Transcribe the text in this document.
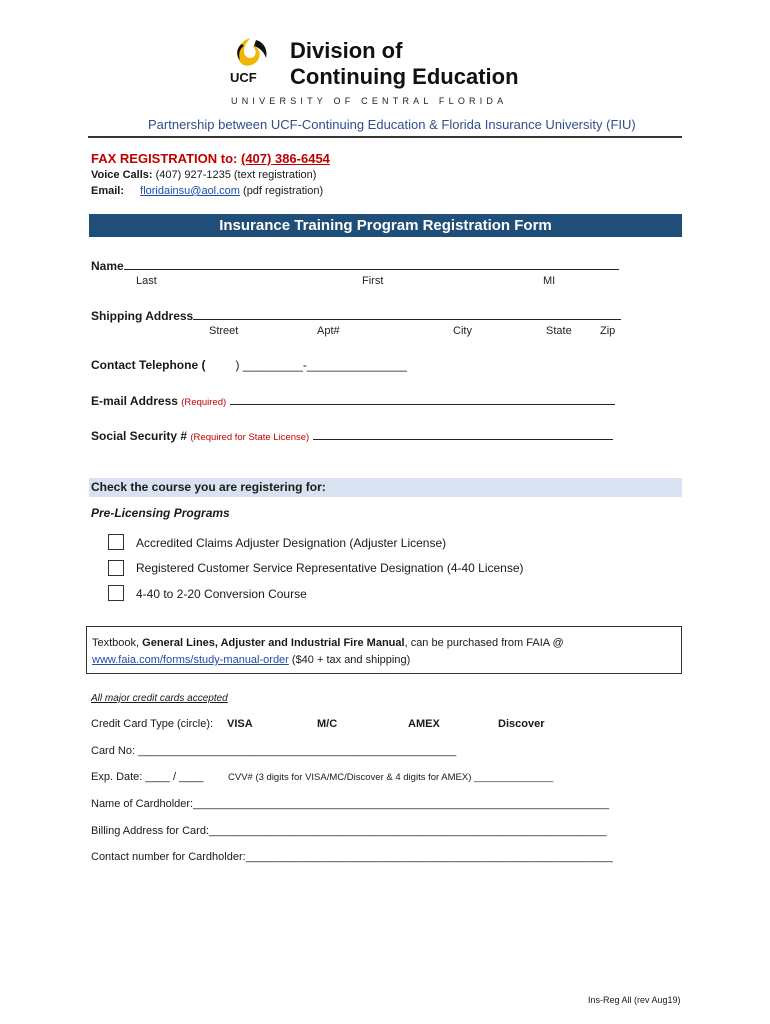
UCF
Division of
Continuing Education
UNIVERSITY OF CENTRAL FLORIDA
Partnership between UCF-Continuing Education & Florida Insurance University (FIU)
FAX REGISTRATION to: (407) 386-6454
Voice Calls: (407) 927-1235 (text registration)
Email: floridainsu@aol.com (pdf registration)
Insurance Training Program Registration Form
Name
Last	First	MI
Shipping Address
Street	Apt#	City	State	Zip
Contact Telephone (	) _________-_______________
E-mail Address (Required)
Social Security # (Required for State License)
Check the course you are registering for:
Pre-Licensing Programs
Accredited Claims Adjuster Designation (Adjuster License)
Registered Customer Service Representative Designation (4-40 License)
4-40 to 2-20 Conversion Course
Textbook, General Lines, Adjuster and Industrial Fire Manual, can be purchased from FAIA @
www.faia.com/forms/study-manual-order ($40 + tax and shipping)
All major credit cards accepted
Credit Card Type (circle): VISA	M/C	AMEX	Discover
Card No: ____________________________________________________
Exp. Date: ____ / ____	CVV# (3 digits for VISA/MC/Discover & 4 digits for AMEX) _______________
Name of Cardholder:____________________________________________________________________
Billing Address for Card:_________________________________________________________________
Contact number for Cardholder:____________________________________________________________
Ins-Reg All (rev Aug19)
